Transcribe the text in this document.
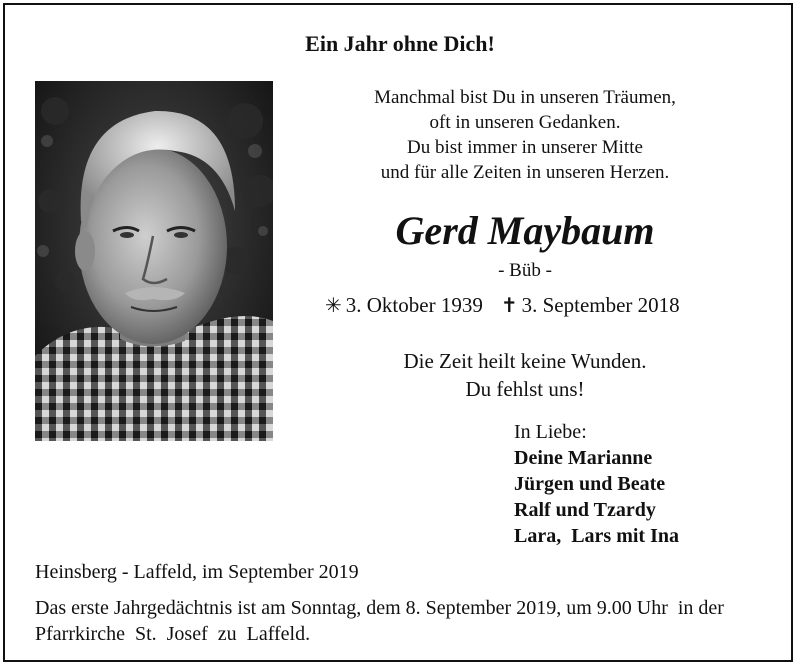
Ein Jahr ohne Dich!
Manchmal bist Du in unseren Träumen,
oft in unseren Gedanken.
Du bist immer in unserer Mitte
und für alle Zeiten in unseren Herzen.
Gerd Maybaum
- Büb -
✳ 3. Oktober 1939 ✝ 3. September 2018
Die Zeit heilt keine Wunden.
Du fehlst uns!
In Liebe:
Deine Marianne
Jürgen und Beate
Ralf und Tzardy
Lara,  Lars mit Ina
Heinsberg - Laffeld, im September 2019
Das erste Jahrgedächtnis ist am Sonntag, dem 8. September 2019, um 9.00 Uhr  in der Pfarrkirche  St.  Josef  zu  Laffeld.
